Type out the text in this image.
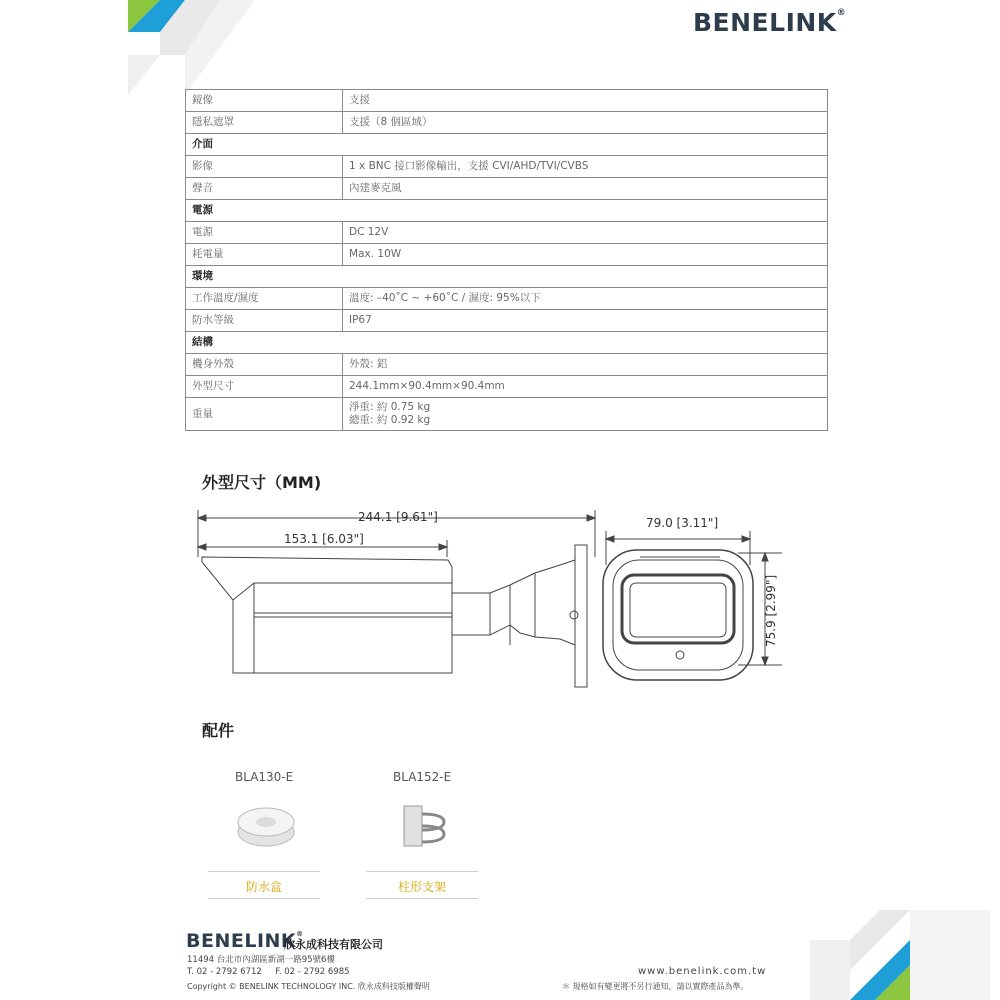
BENELINK®
鏡像	支援
隱私遮罩	支援（8 個區域）
介面	
影像	1 x BNC 接口影像輸出，支援 CVI/AHD/TVI/CVBS
聲音	內建麥克風
電源	
電源	DC 12V
耗電量	Max. 10W
環境	
工作溫度/濕度	溫度: –40˚C ~ +60˚C / 濕度: 95%以下
防水等級	IP67
結構	
機身外殼	外殼: 鋁
外型尺寸	244.1mm×90.4mm×90.4mm
重量	淨重: 約 0.75 kg
總重: 約 0.92 kg
外型尺寸（MM)
244.1 [9.61"]
153.1 [6.03"]
79.0 [3.11"]
75.9 [2.99"]
配件
BLA130-E	BLA152-E
防水盒	柱形支架
BENELINK®
欣永成科技有限公司
11494 台北市內湖區新湖一路95號6樓
T. 02 - 2792 6712     F. 02 - 2792 6985
Copyright © BENELINK TECHNOLOGY INC. 欣永成科技版權聲明
www.benelink.com.tw
＊ 規格如有變更將不另行通知，請以實際產品為準。
